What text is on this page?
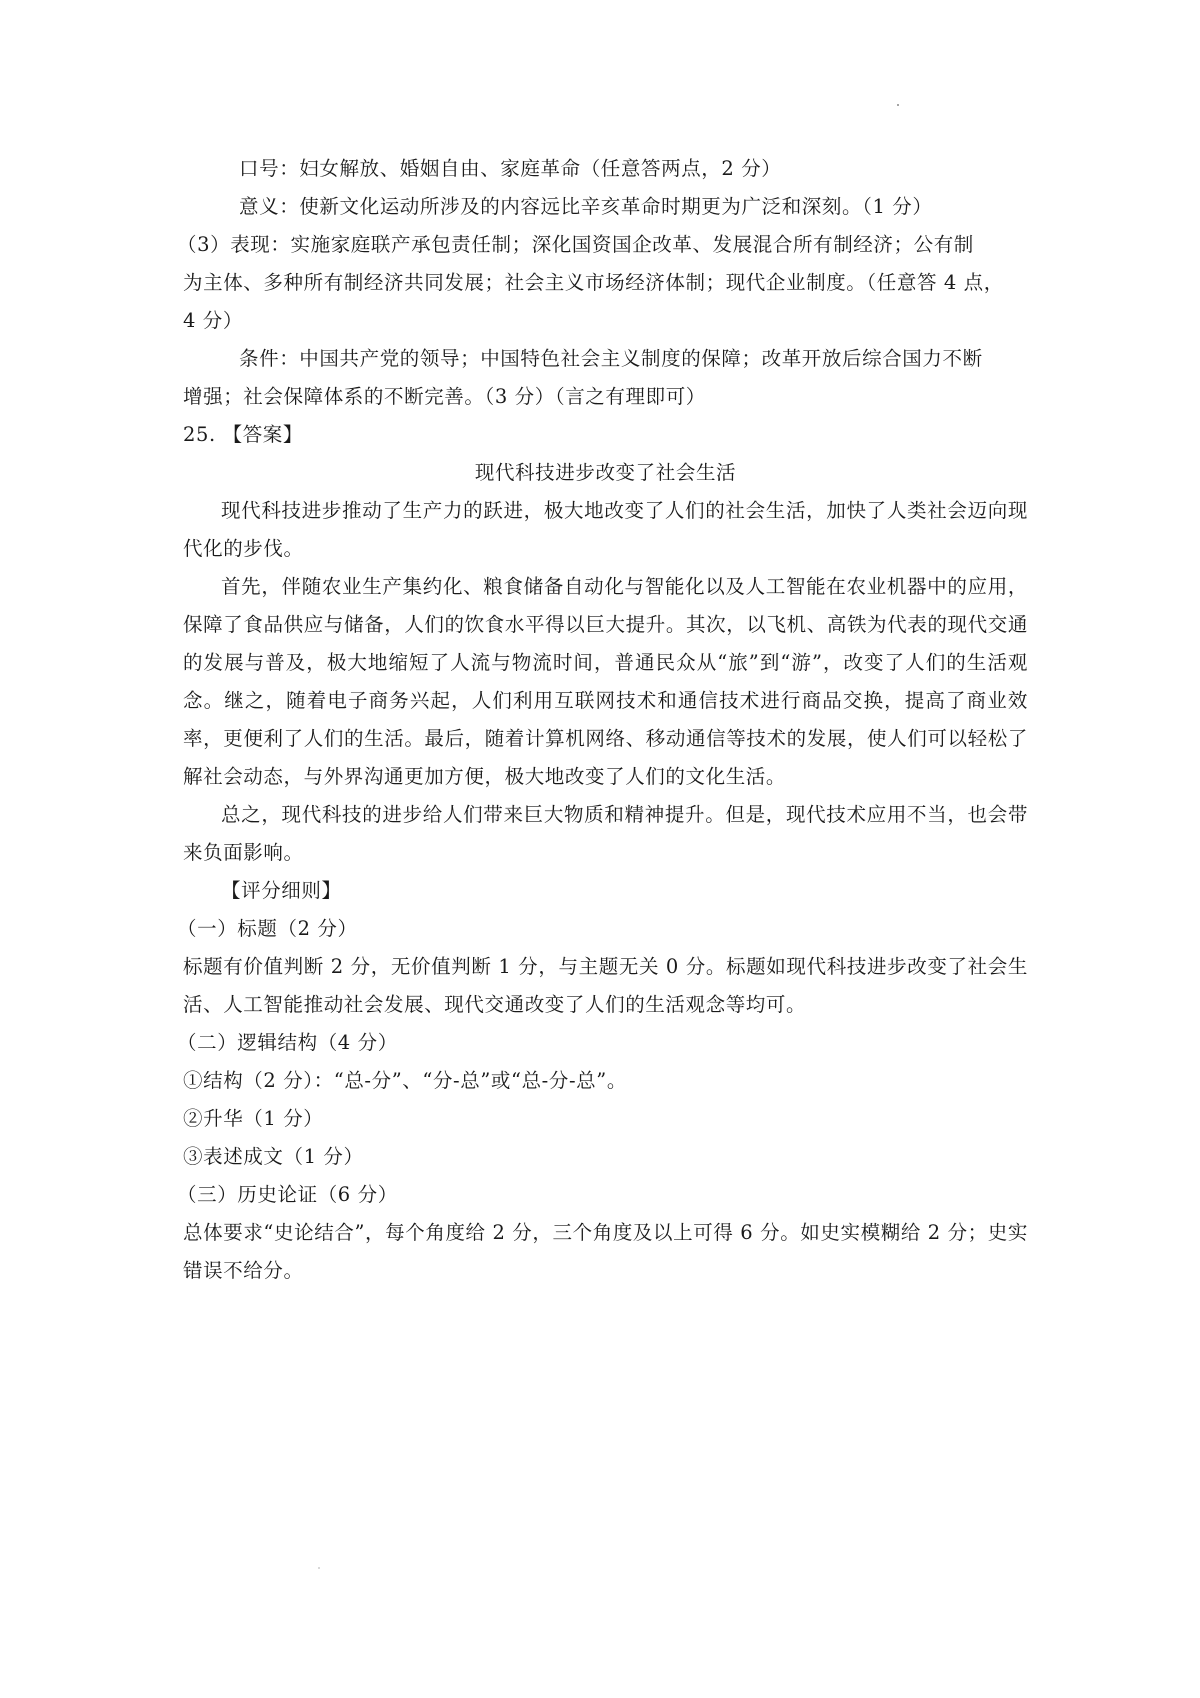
口号：妇女解放、婚姻自由、家庭革命（任意答两点，2 分）

意义：使新文化运动所涉及的内容远比辛亥革命时期更为广泛和深刻。（1 分）

（3）表现：实施家庭联产承包责任制；深化国资国企改革、发展混合所有制经济；公有制

为主体、多种所有制经济共同发展；社会主义市场经济体制；现代企业制度。（任意答 4 点，

4 分）

条件：中国共产党的领导；中国特色社会主义制度的保障；改革开放后综合国力不断

增强；社会保障体系的不断完善。（3 分）（言之有理即可）

25. 【答案】

现代科技进步改变了社会生活

现代科技进步推动了生产力的跃进，极大地改变了人们的社会生活，加快了人类社会迈向现代化的步伐。

首先，伴随农业生产集约化、粮食储备自动化与智能化以及人工智能在农业机器中的应用，保障了食品供应与储备，人们的饮食水平得以巨大提升。其次，以飞机、高铁为代表的现代交通的发展与普及，极大地缩短了人流与物流时间，普通民众从“旅”到“游”，改变了人们的生活观念。继之，随着电子商务兴起，人们利用互联网技术和通信技术进行商品交换，提高了商业效率，更便利了人们的生活。最后，随着计算机网络、移动通信等技术的发展，使人们可以轻松了解社会动态，与外界沟通更加方便，极大地改变了人们的文化生活。

总之，现代科技的进步给人们带来巨大物质和精神提升。但是，现代技术应用不当，也会带来负面影响。

【评分细则】

（一）标题（2 分）

标题有价值判断 2 分，无价值判断 1 分，与主题无关 0 分。标题如现代科技进步改变了社会生活、人工智能推动社会发展、现代交通改变了人们的生活观念等均可。

（二）逻辑结构（4 分）

①结构（2 分）：“总-分”、“分-总”或“总-分-总”。

②升华（1 分）

③表述成文（1 分）

（三）历史论证（6 分）

总体要求“史论结合”，每个角度给 2 分，三个角度及以上可得 6 分。如史实模糊给 2 分；史实错误不给分。
